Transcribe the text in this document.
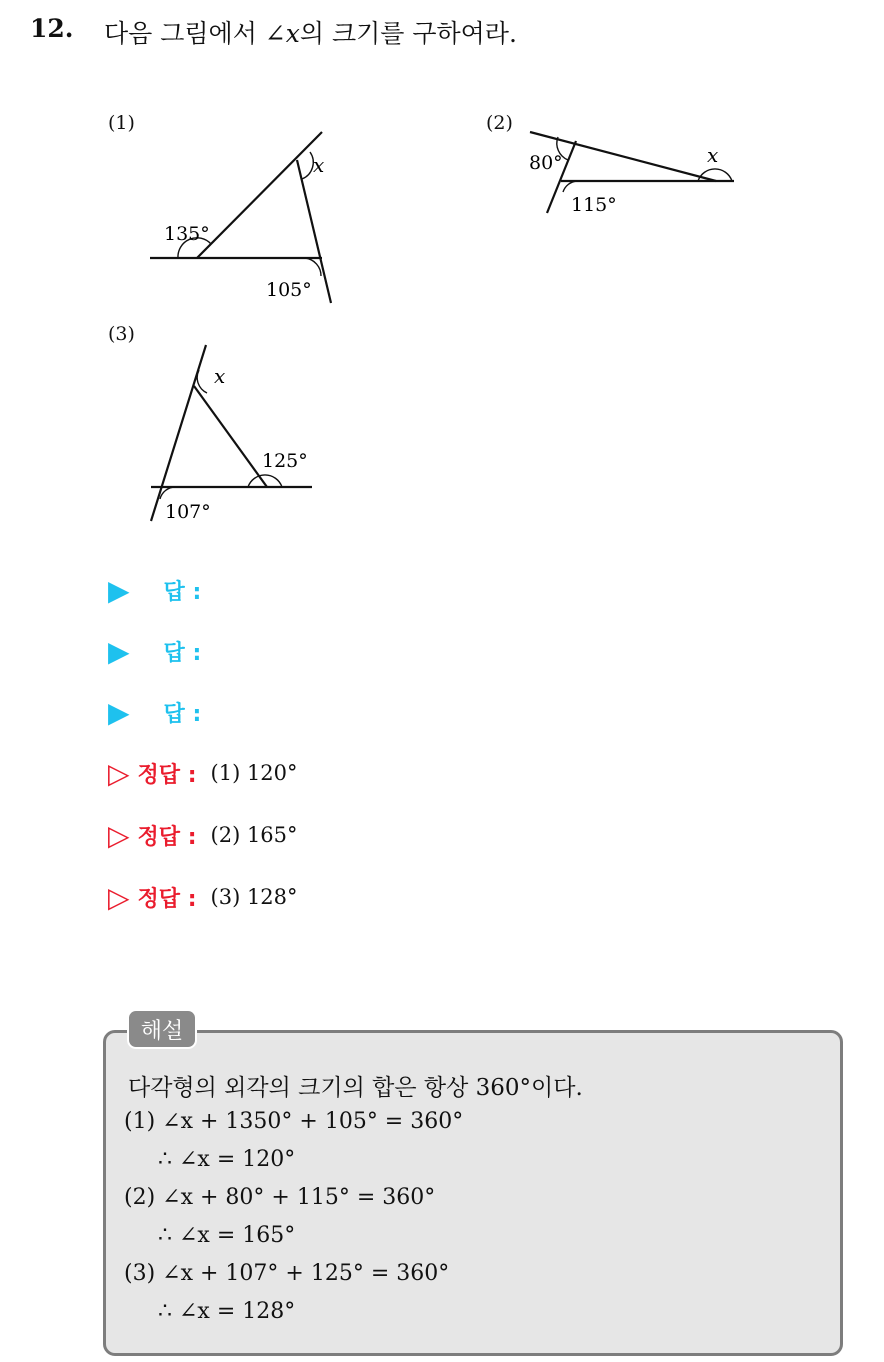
12. 다음 그림에서 ∠x의 크기를 구하여라.
(1)	(2)
(3)
x
135°
105°
x
80°
115°
x
125°
107°
▶ 답 :
▶ 답 :
▶ 답 :
▷ 정답 : (1) 120°
▷ 정답 : (2) 165°
▷ 정답 : (3) 128°
다각형의 외각의 크기의 합은 항상 360°이다.
(1) ∠x + 1350° + 105° = 360°
∴ ∠x = 120°
(2) ∠x + 80° + 115° = 360°
∴ ∠x = 165°
(3) ∠x + 107° + 125° = 360°
∴ ∠x = 128°
해설
